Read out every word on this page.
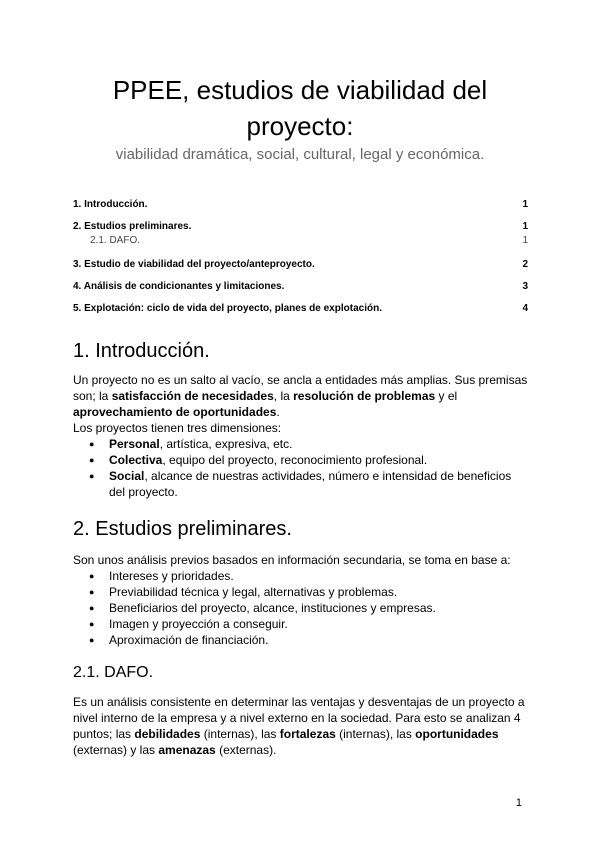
PPEE, estudios de viabilidad del proyecto:

viabilidad dramática, social, cultural, legal y económica.

1. Introducción.	1
2. Estudios preliminares.	1
2.1. DAFO.	1
3. Estudio de viabilidad del proyecto/anteproyecto.	2
4. Análisis de condicionantes y limitaciones.	3
5. Explotación: ciclo de vida del proyecto, planes de explotación.	4
1. Introducción.

Un proyecto no es un salto al vacío, se ancla a entidades más amplias. Sus premisas son; la satisfacción de necesidades, la resolución de problemas y el aprovechamiento de oportunidades.

Los proyectos tienen tres dimensiones:

● Personal, artística, expresiva, etc.
● Colectiva, equipo del proyecto, reconocimiento profesional.
● Social, alcance de nuestras actividades, número e intensidad de beneficios del proyecto.
2. Estudios preliminares.

Son unos análisis previos basados en información secundaria, se toma en base a:

● Intereses y prioridades.
● Previabilidad técnica y legal, alternativas y problemas.
● Beneficiarios del proyecto, alcance, instituciones y empresas.
● Imagen y proyección a conseguir.
● Aproximación de financiación.
2.1. DAFO.

Es un análisis consistente en determinar las ventajas y desventajas de un proyecto a nivel interno de la empresa y a nivel externo en la sociedad. Para esto se analizan 4 puntos; las debilidades (internas), las fortalezas (internas), las oportunidades (externas) y las amenazas (externas).

1
